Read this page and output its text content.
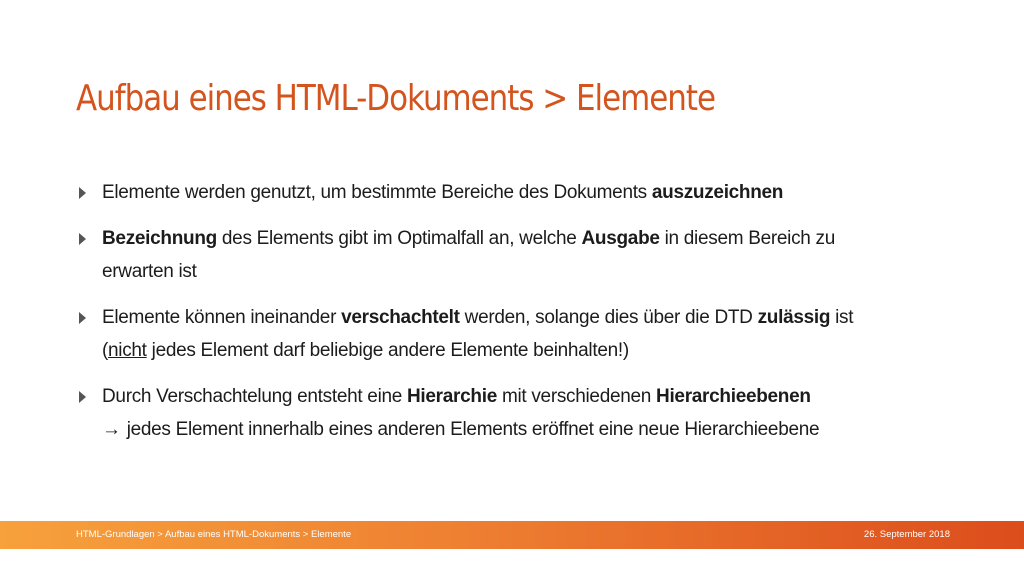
Aufbau eines HTML-Dokuments > Elemente
Elemente werden genutzt, um bestimmte Bereiche des Dokuments auszuzeichnen
Bezeichnung des Elements gibt im Optimalfall an, welche Ausgabe in diesem Bereich zu
erwarten ist
Elemente können ineinander verschachtelt werden, solange dies über die DTD zulässig ist
(nicht jedes Element darf beliebige andere Elemente beinhalten!)
Durch Verschachtelung entsteht eine Hierarchie mit verschiedenen Hierarchieebenen
→ jedes Element innerhalb eines anderen Elements eröffnet eine neue Hierarchieebene
HTML-Grundlagen > Aufbau eines HTML-Dokuments > Elemente	26. September 2018
